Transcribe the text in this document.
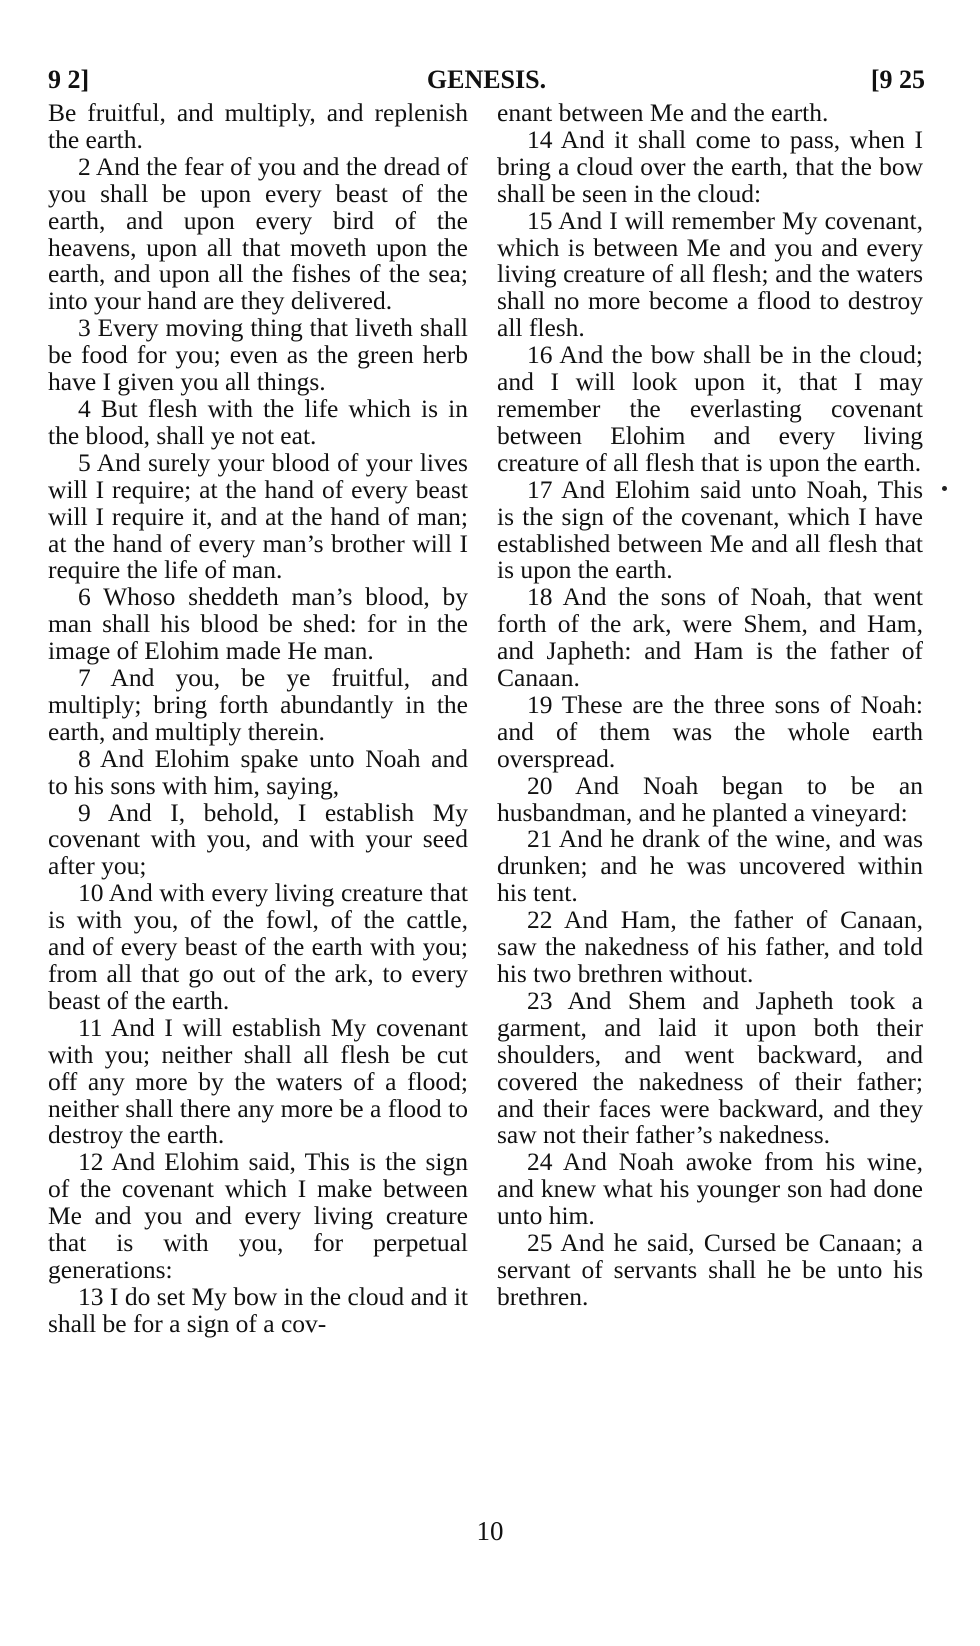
GENESIS.
9 2]	[9 25

Be fruitful, and multiply, and replenish the earth.

2 And the fear of you and the dread of you shall be upon every beast of the earth, and upon every bird of the heavens, upon all that moveth upon the earth, and upon all the fishes of the sea; into your hand are they delivered.

3 Every moving thing that liveth shall be food for you; even as the green herb have I given you all things.

4 But flesh with the life which is in the blood, shall ye not eat.

5 And surely your blood of your lives will I require; at the hand of every beast will I require it, and at the hand of man; at the hand of every man’s brother will I require the life of man.

6 Whoso sheddeth man’s blood, by man shall his blood be shed: for in the image of Elohim made He man.

7 And you, be ye fruitful, and multiply; bring forth abundantly in the earth, and multiply therein.

8 And Elohim spake unto Noah and to his sons with him, saying,

9 And I, behold, I establish My covenant with you, and with your seed after you;

10 And with every living creature that is with you, of the fowl, of the cattle, and of every beast of the earth with you; from all that go out of the ark, to every beast of the earth.

11 And I will establish My covenant with you; neither shall all flesh be cut off any more by the waters of a flood; neither shall there any more be a flood to destroy the earth.

12 And Elohim said, This is the sign of the covenant which I make between Me and you and every living creature that is with you, for perpetual generations:

13 I do set My bow in the cloud and it shall be for a sign of a cov-

enant between Me and the earth.

14 And it shall come to pass, when I bring a cloud over the earth, that the bow shall be seen in the cloud:

15 And I will remember My covenant, which is between Me and you and every living creature of all flesh; and the waters shall no more become a flood to destroy all flesh.

16 And the bow shall be in the cloud; and I will look upon it, that I may remember the everlasting covenant between Elohim and every living creature of all flesh that is upon the earth.

17 And Elohim said unto Noah, This is the sign of the covenant, which I have established between Me and all flesh that is upon the earth.

18 And the sons of Noah, that went forth of the ark, were Shem, and Ham, and Japheth: and Ham is the father of Canaan.

19 These are the three sons of Noah: and of them was the whole earth overspread.

20 And Noah began to be an husbandman, and he planted a vineyard:

21 And he drank of the wine, and was drunken; and he was uncovered within his tent.

22 And Ham, the father of Canaan, saw the nakedness of his father, and told his two brethren without.

23 And Shem and Japheth took a garment, and laid it upon both their shoulders, and went backward, and covered the nakedness of their father; and their faces were backward, and they saw not their father’s nakedness.

24 And Noah awoke from his wine, and knew what his younger son had done unto him.

25 And he said, Cursed be Canaan; a servant of servants shall he be unto his brethren.

10
